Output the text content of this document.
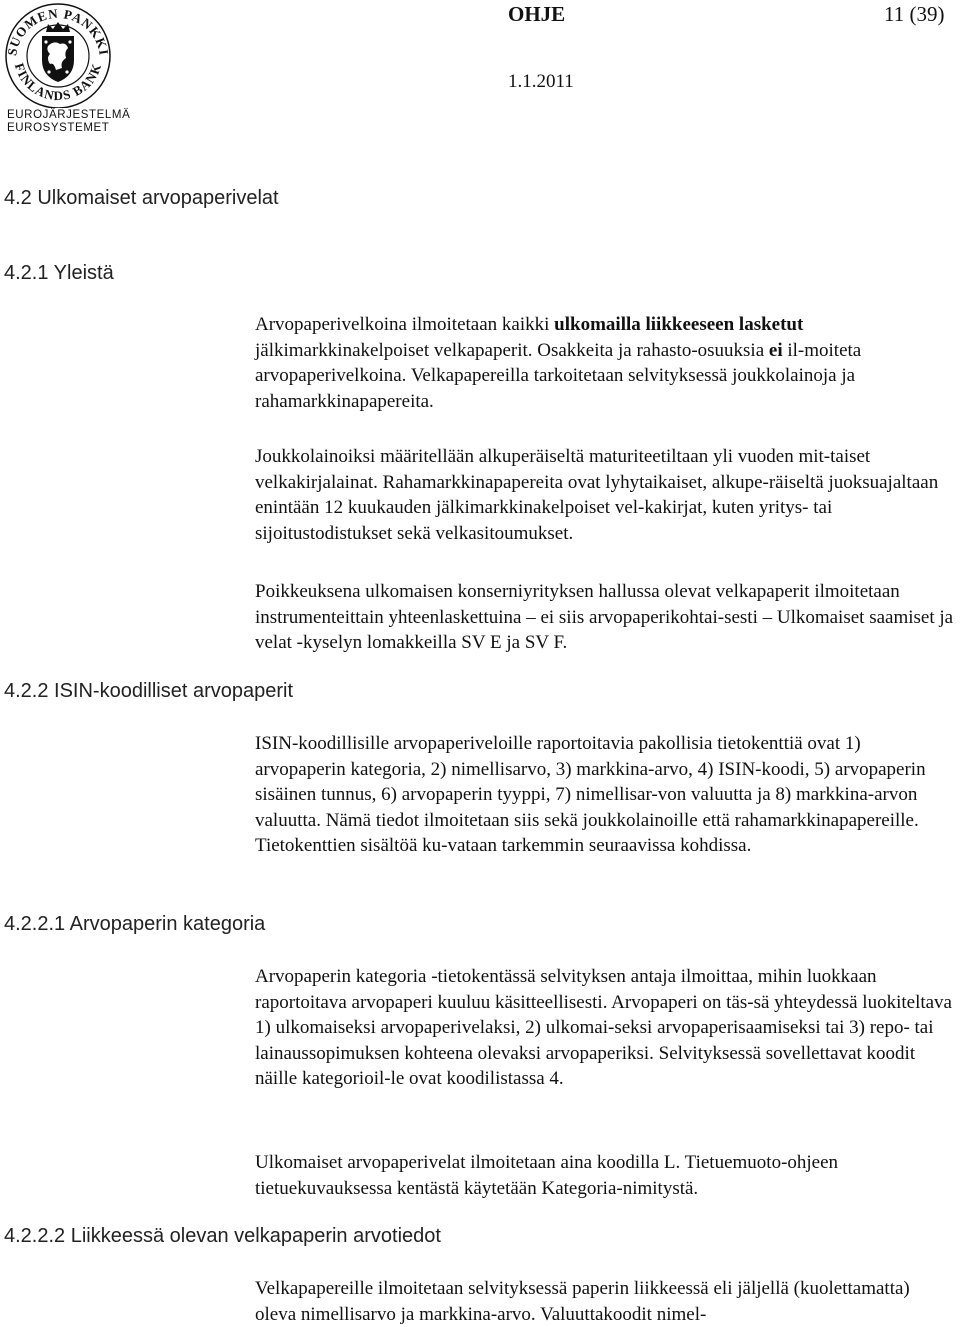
SUOMEN PANKKI
FINLANDS BANK
EUROJÄRJESTELMÄ
EUROSYSTEMET
OHJE	11 (39)
1.1.2011
4.2 Ulkomaiset arvopaperivelat
4.2.1 Yleistä
4.2.2 ISIN-koodilliset arvopaperit
4.2.2.1 Arvopaperin kategoria
4.2.2.2 Liikkeessä olevan velkapaperin arvotiedot

Arvopaperivelkoina ilmoitetaan kaikki ulkomailla liikkeeseen lasketut jälkimarkkinakelpoiset velkapaperit. Osakkeita ja rahasto-osuuksia ei il-moiteta arvopaperivelkoina. Velkapapereilla tarkoitetaan selvityksessä joukkolainoja ja rahamarkkinapapereita.

Joukkolainoiksi määritellään alkuperäiseltä maturiteetiltaan yli vuoden mit-taiset velkakirjalainat. Rahamarkkinapapereita ovat lyhytaikaiset, alkupe-räiseltä juoksuajaltaan enintään 12 kuukauden jälkimarkkinakelpoiset vel-kakirjat, kuten yritys- tai sijoitustodistukset sekä velkasitoumukset.

Poikkeuksena ulkomaisen konserniyrityksen hallussa olevat velkapaperit ilmoitetaan instrumenteittain yhteenlaskettuina – ei siis arvopaperikohtai-sesti – Ulkomaiset saamiset ja velat -kyselyn lomakkeilla SV E ja SV F.

ISIN-koodillisille arvopaperiveloille raportoitavia pakollisia tietokenttiä ovat 1) arvopaperin kategoria, 2) nimellisarvo, 3) markkina-arvo, 4) ISIN-koodi, 5) arvopaperin sisäinen tunnus, 6) arvopaperin tyyppi, 7) nimellisar-von valuutta ja 8) markkina-arvon valuutta. Nämä tiedot ilmoitetaan siis sekä joukkolainoille että rahamarkkinapapereille. Tietokenttien sisältöä ku-vataan tarkemmin seuraavissa kohdissa.

Arvopaperin kategoria -tietokentässä selvityksen antaja ilmoittaa, mihin luokkaan raportoitava arvopaperi kuuluu käsitteellisesti. Arvopaperi on täs-sä yhteydessä luokiteltava 1) ulkomaiseksi arvopaperivelaksi, 2) ulkomai-seksi arvopaperisaamiseksi tai 3) repo- tai lainaussopimuksen kohteena olevaksi arvopaperiksi. Selvityksessä sovellettavat koodit näille kategorioil-le ovat koodilistassa 4.

Ulkomaiset arvopaperivelat ilmoitetaan aina koodilla L. Tietuemuoto-ohjeen tietuekuvauksessa kentästä käytetään Kategoria-nimitystä.

Velkapapereille ilmoitetaan selvityksessä paperin liikkeessä eli jäljellä (kuolettamatta) oleva nimellisarvo ja markkina-arvo. Valuuttakoodit nimel-
